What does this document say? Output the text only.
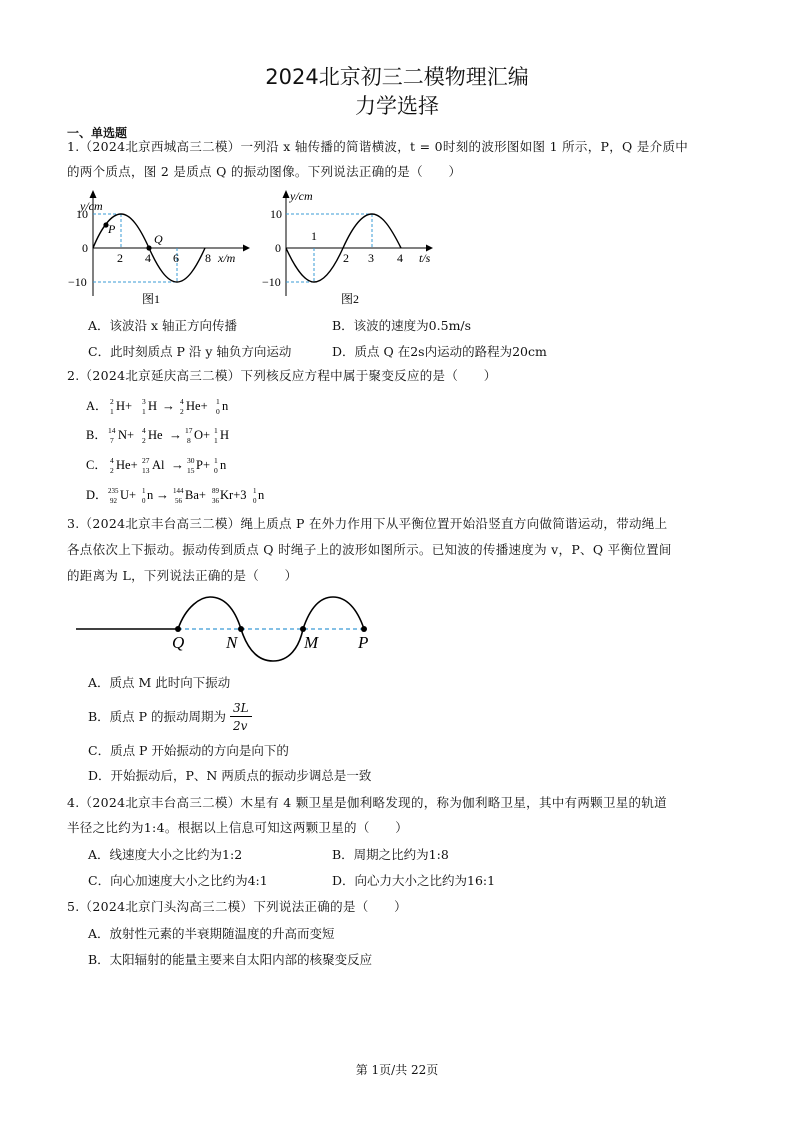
2024北京初三二模物理汇编
力学选择
一、单选题
1.（2024北京西城高三二模）一列沿 x 轴传播的简谐横波，t = 0时刻的波形图如图 1 所示，P，Q 是介质中
的两个质点，图 2 是质点 Q 的振动图像。下列说法正确的是（　　）
y/cm
10
0
−10
2 4 6 8 x/m
P
Q
图1
y/cm
10
0
−10
1
2 3 4 t/s
图2
A．该波沿 x 轴正方向传播	B．该波的速度为0.5m/s
C．此时刻质点 P 沿 y 轴负方向运动	D．质点 Q 在2s内运动的路程为20cm
2.（2024北京延庆高三二模）下列核反应方程中属于聚变反应的是（　　）
A． 2
1 H+ 3
1 H → 4
2 He+ 1
0 n
B． 14
7 N+ 4
2 He → 17
8 O+ 1
1 H
C． 4
2 He+ 27
13 Al → 30
15 P+ 1
0 n
D． 235
92 U+ 1
0 n → 144
56 Ba+ 89
36 Kr+3 1
0 n
3.（2024北京丰台高三二模）绳上质点 P 在外力作用下从平衡位置开始沿竖直方向做简谐运动，带动绳上
各点依次上下振动。振动传到质点 Q 时绳子上的波形如图所示。已知波的传播速度为 v，P、Q 平衡位置间
的距离为 L，下列说法正确的是（　　）
Q N	M P
A．质点 M 此时向下振动
B．质点 P 的振动周期为
3L
2v
C．质点 P 开始振动的方向是向下的
D．开始振动后，P、N 两质点的振动步调总是一致
4.（2024北京丰台高三二模）木星有 4 颗卫星是伽利略发现的，称为伽利略卫星，其中有两颗卫星的轨道
半径之比约为1:4。根据以上信息可知这两颗卫星的（　　）
A．线速度大小之比约为1:2	B．周期之比约为1:8
C．向心加速度大小之比约为4:1	D．向心力大小之比约为16:1
5.（2024北京门头沟高三二模）下列说法正确的是（　　）
A．放射性元素的半衰期随温度的升高而变短
B．太阳辐射的能量主要来自太阳内部的核聚变反应
第 1页/共 22页
